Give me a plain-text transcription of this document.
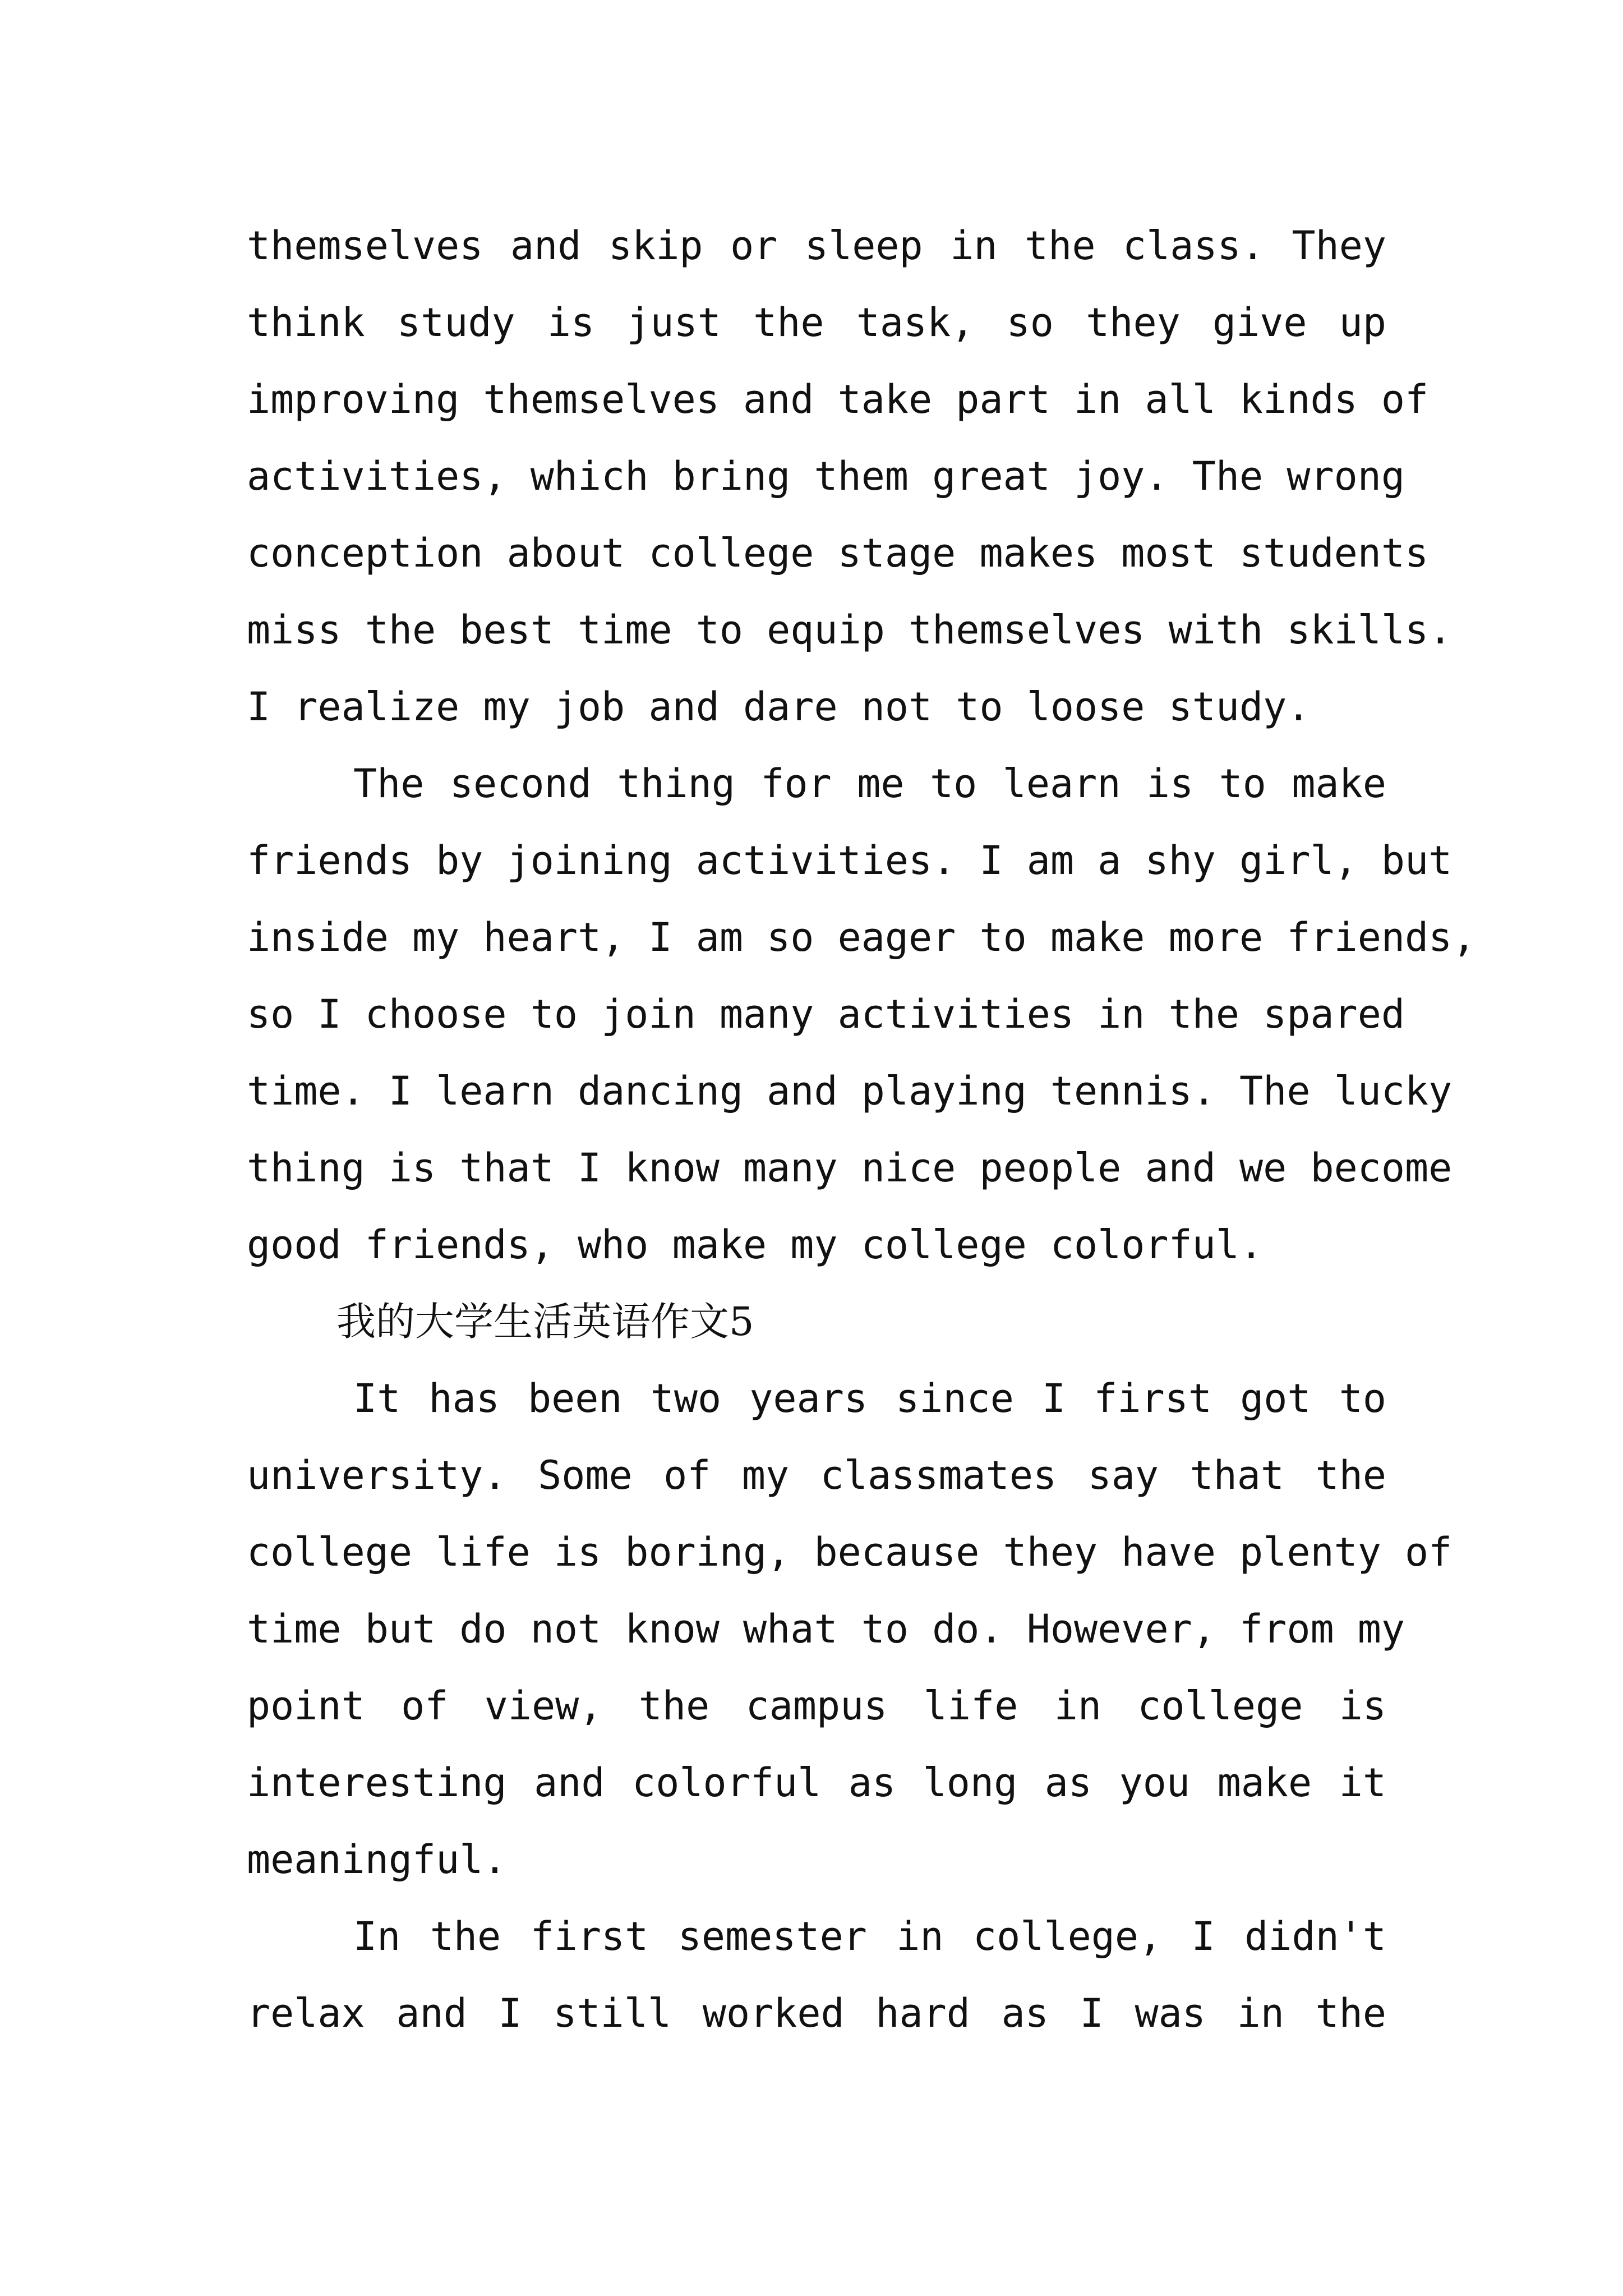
themselves and skip or sleep in the class. They
think study is just the task, so they give up
improving themselves and take part in all kinds of
activities, which bring them great joy. The wrong
conception about college stage makes most students
miss the best time to equip themselves with skills.
I realize my job and dare not to loose study.
The second thing for me to learn is to make
friends by joining activities. I am a shy girl, but
inside my heart, I am so eager to make more friends,
so I choose to join many activities in the spared
time. I learn dancing and playing tennis. The lucky
thing is that I know many nice people and we become
good friends, who make my college colorful.
我的大学生活英语作文5
It has been two years since I first got to
university. Some of my classmates say that the
college life is boring, because they have plenty of
time but do not know what to do. However, from my
point of view, the campus life in college is
interesting and colorful as long as you make it
meaningful.
In the first semester in college, I didn't
relax and I still worked hard as I was in the
